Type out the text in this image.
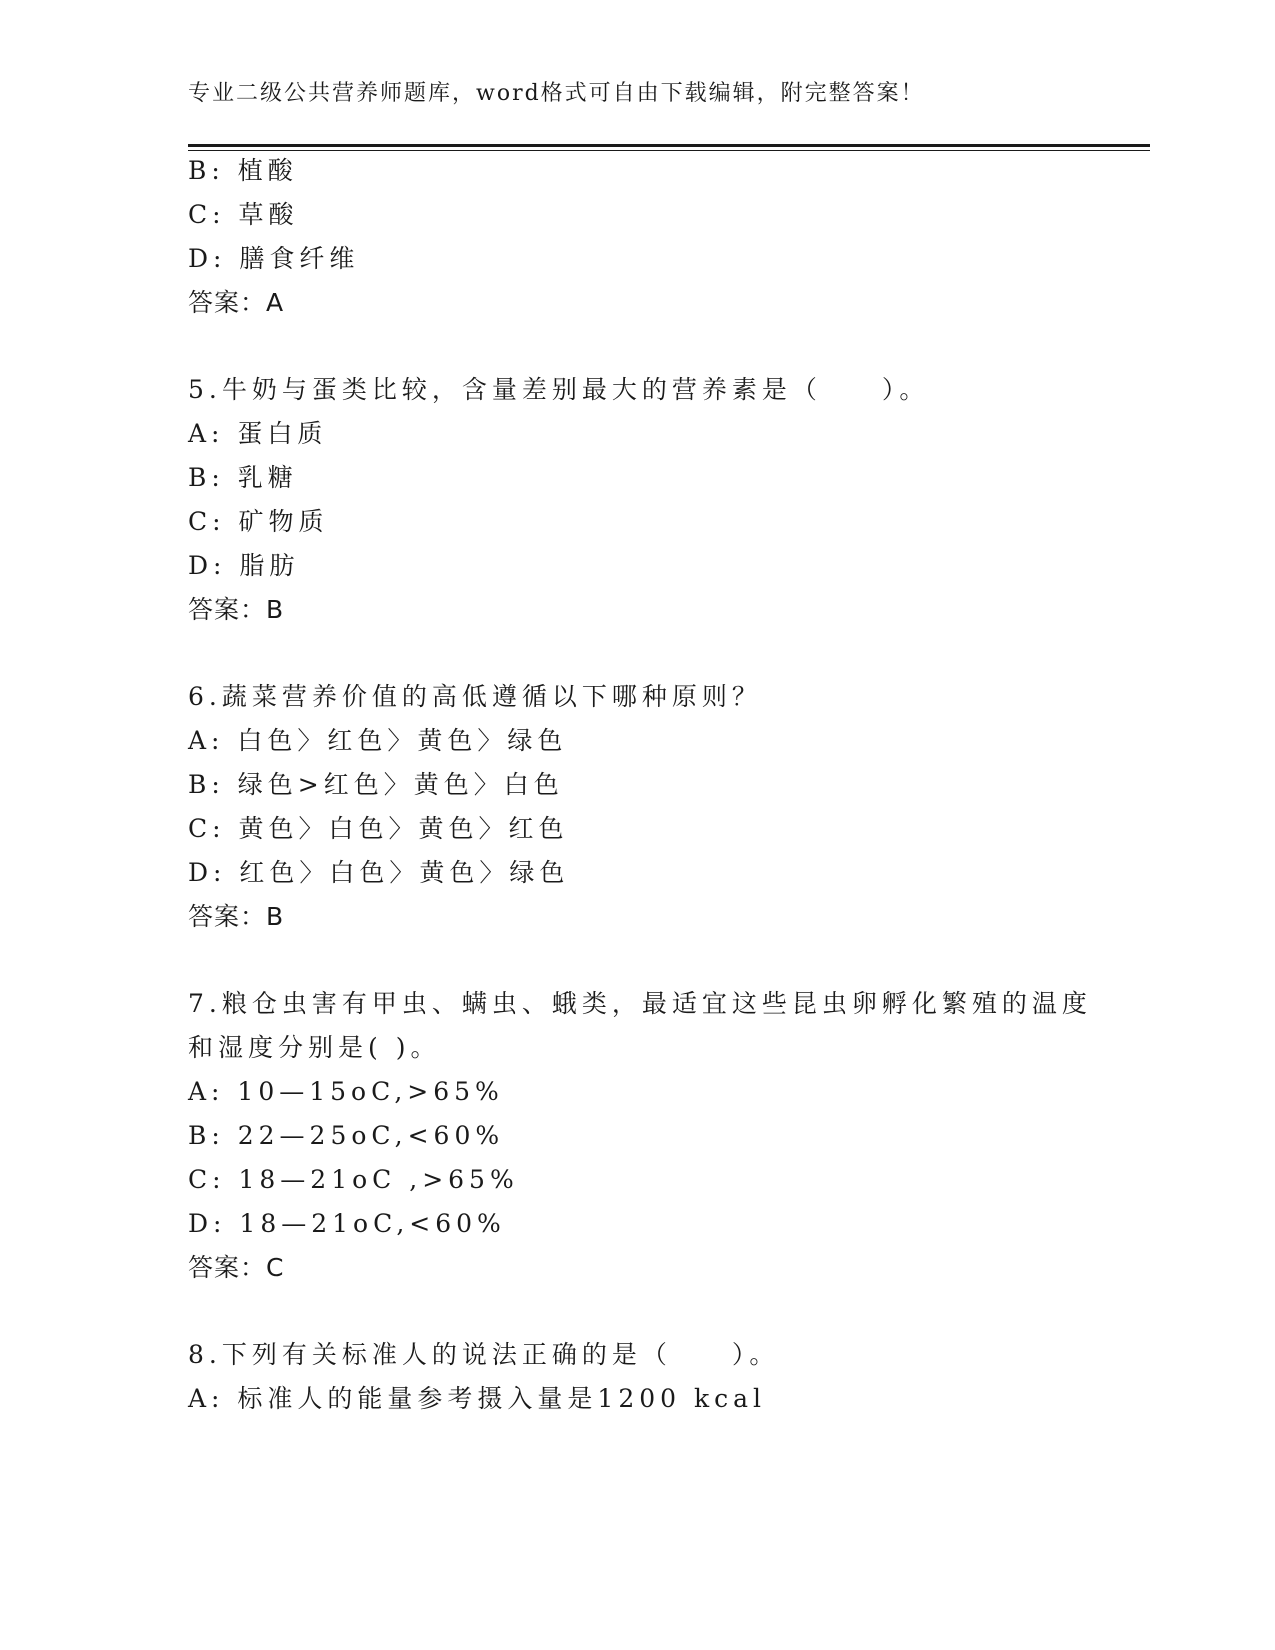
专业二级公共营养师题库，word格式可自由下载编辑，附完整答案！
B: 植酸
C: 草酸
D: 膳食纤维
答案：A
5.牛奶与蛋类比较，含量差别最大的营养素是（　　）。
A: 蛋白质
B: 乳糖
C: 矿物质
D: 脂肪
答案：B
6.蔬菜营养价值的高低遵循以下哪种原则？
A: 白色〉红色〉黄色〉绿色
B: 绿色>红色〉黄色〉白色
C: 黄色〉白色〉黄色〉红色
D: 红色〉白色〉黄色〉绿色
答案：B
7.粮仓虫害有甲虫、螨虫、蛾类，最适宜这些昆虫卵孵化繁殖的温度
和湿度分别是( )。
A: 10—15oC,>65%
B: 22—25oC,<60%
C: 18—21oC ,>65%
D: 18—21oC,<60%
答案：C
8.下列有关标准人的说法正确的是（　　）。
A: 标准人的能量参考摄入量是1200 kcal
